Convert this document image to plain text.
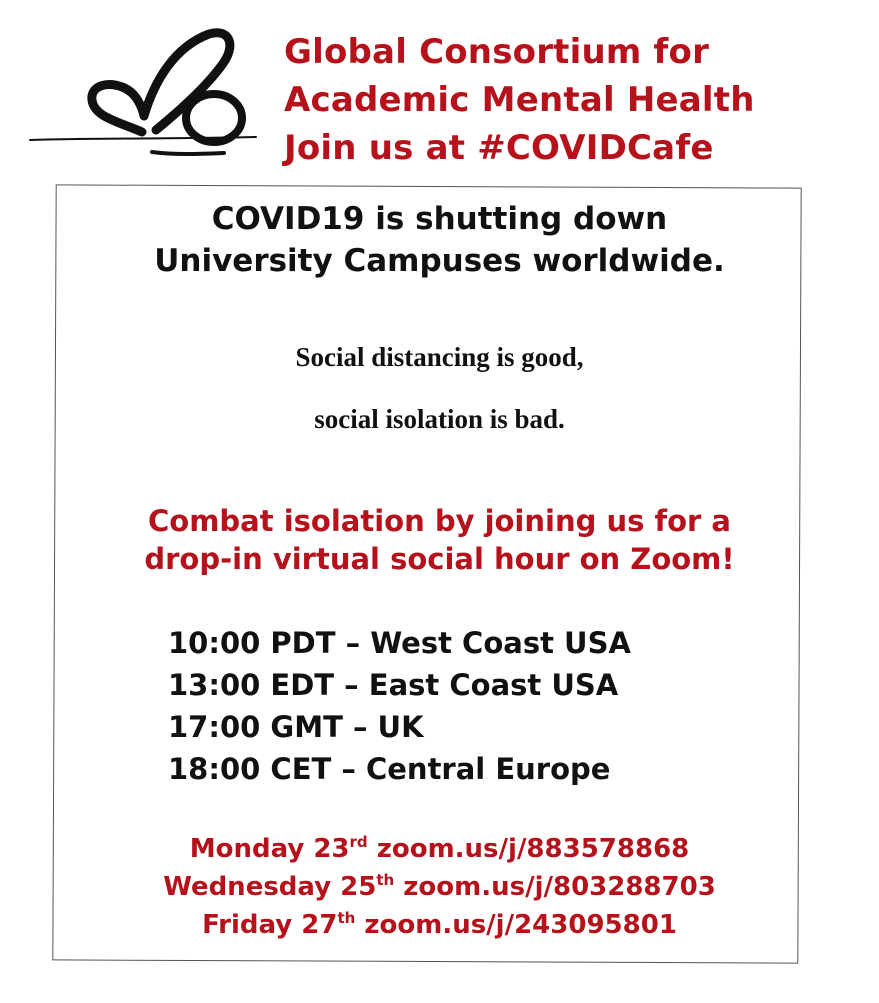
Global Consortium for
Academic Mental Health
Join us at #COVIDCafe
COVID19 is shutting down
University Campuses worldwide.
Social distancing is good,
social isolation is bad.
Combat isolation by joining us for a
drop-in virtual social hour on Zoom!
10:00 PDT – West Coast USA
13:00 EDT – East Coast USA
17:00 GMT – UK
18:00 CET – Central Europe
Monday 23rd zoom.us/j/883578868
Wednesday 25th zoom.us/j/803288703
Friday 27th zoom.us/j/243095801
